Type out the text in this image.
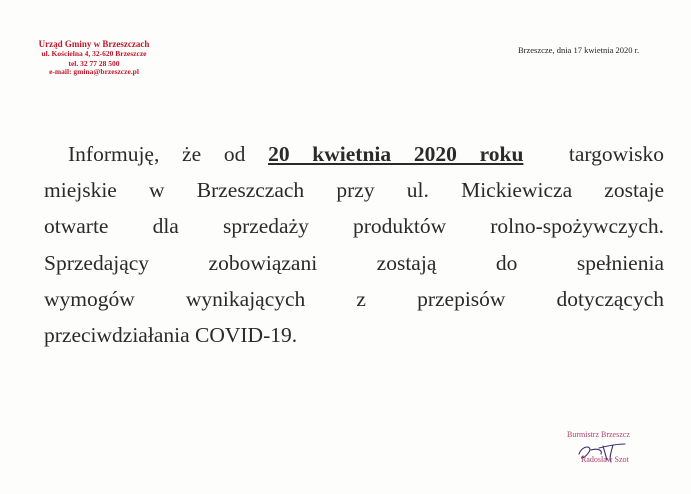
Urząd Gminy w Brzeszczach
ul. Kościelna 4, 32-620 Brzeszcze
tel. 32 77 28 500
e-mail: gmina@brzeszcze.pl
Brzeszcze, dnia 17 kwietnia 2020 r.
Informuję, że od 20 kwietnia 2020 roku  targowisko
miejskie w Brzeszczach przy ul. Mickiewicza zostaje
otwarte dla sprzedaży produktów rolno-spożywczych.
Sprzedający zobowiązani zostają do spełnienia
wymogów wynikających z przepisów dotyczących
przeciwdziałania COVID-19.
Burmistrz Brzeszcz
Radosław Szot
